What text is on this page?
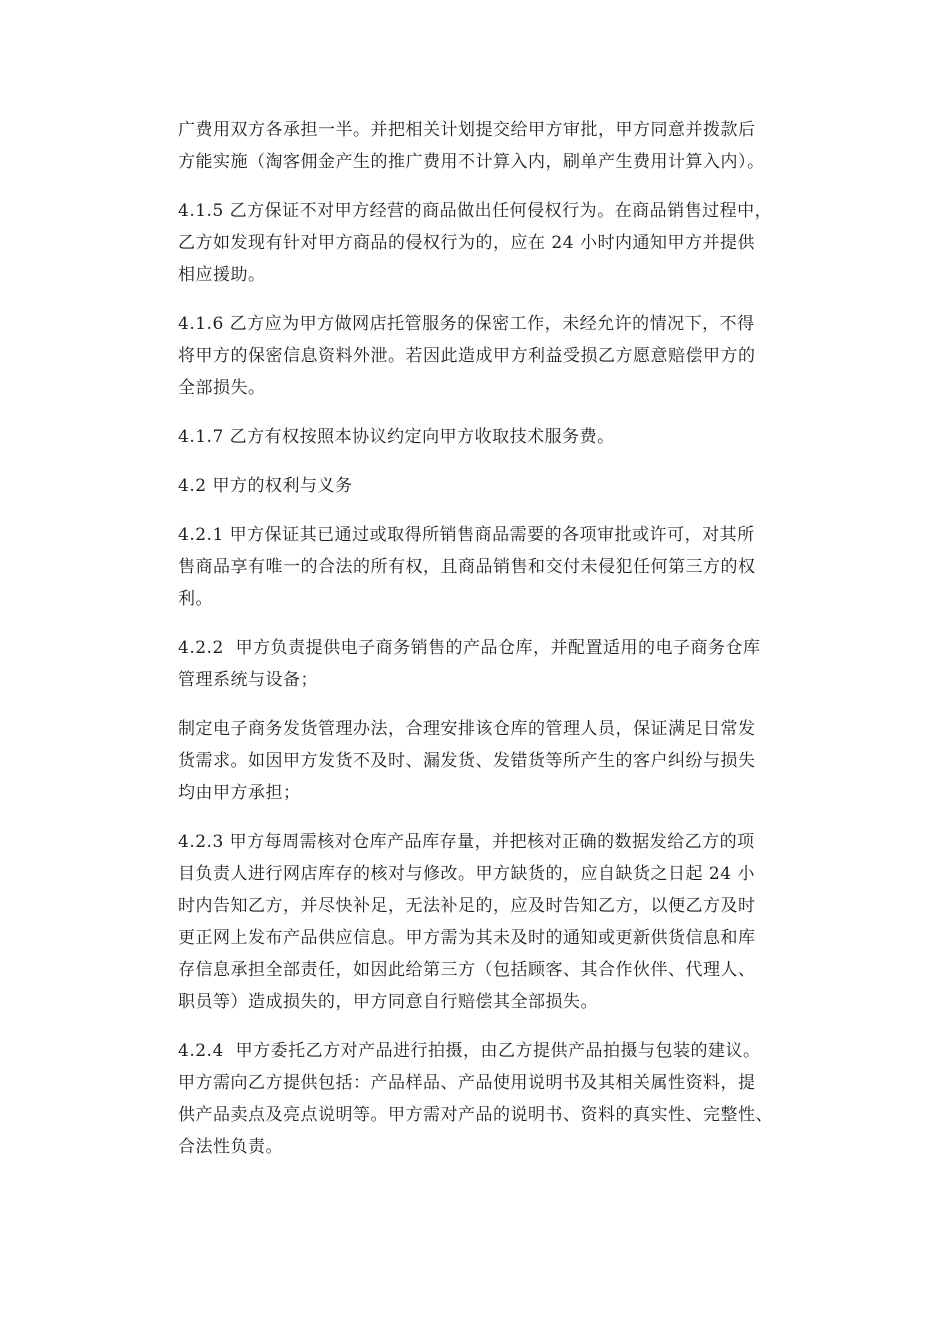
广费用双方各承担一半。并把相关计划提交给甲方审批，甲方同意并拨款后
方能实施（淘客佣金产生的推广费用不计算入内，刷单产生费用计算入内）。

4.1.5 乙方保证不对甲方经营的商品做出任何侵权行为。在商品销售过程中，
乙方如发现有针对甲方商品的侵权行为的，应在 24 小时内通知甲方并提供
相应援助。

4.1.6 乙方应为甲方做网店托管服务的保密工作，未经允许的情况下，不得
将甲方的保密信息资料外泄。若因此造成甲方利益受损乙方愿意赔偿甲方的
全部损失。

4.1.7 乙方有权按照本协议约定向甲方收取技术服务费。

4.2 甲方的权利与义务

4.2.1 甲方保证其已通过或取得所销售商品需要的各项审批或许可，对其所
售商品享有唯一的合法的所有权，且商品销售和交付未侵犯任何第三方的权
利。

4.2.2  甲方负责提供电子商务销售的产品仓库，并配置适用的电子商务仓库
管理系统与设备；

制定电子商务发货管理办法，合理安排该仓库的管理人员，保证满足日常发
货需求。如因甲方发货不及时、漏发货、发错货等所产生的客户纠纷与损失
均由甲方承担；

4.2.3 甲方每周需核对仓库产品库存量，并把核对正确的数据发给乙方的项
目负责人进行网店库存的核对与修改。甲方缺货的，应自缺货之日起 24 小
时内告知乙方，并尽快补足，无法补足的，应及时告知乙方，以便乙方及时
更正网上发布产品供应信息。甲方需为其未及时的通知或更新供货信息和库
存信息承担全部责任，如因此给第三方（包括顾客、其合作伙伴、代理人、
职员等）造成损失的，甲方同意自行赔偿其全部损失。

4.2.4  甲方委托乙方对产品进行拍摄，由乙方提供产品拍摄与包装的建议。
甲方需向乙方提供包括：产品样品、产品使用说明书及其相关属性资料，提
供产品卖点及亮点说明等。甲方需对产品的说明书、资料的真实性、完整性、
合法性负责。
